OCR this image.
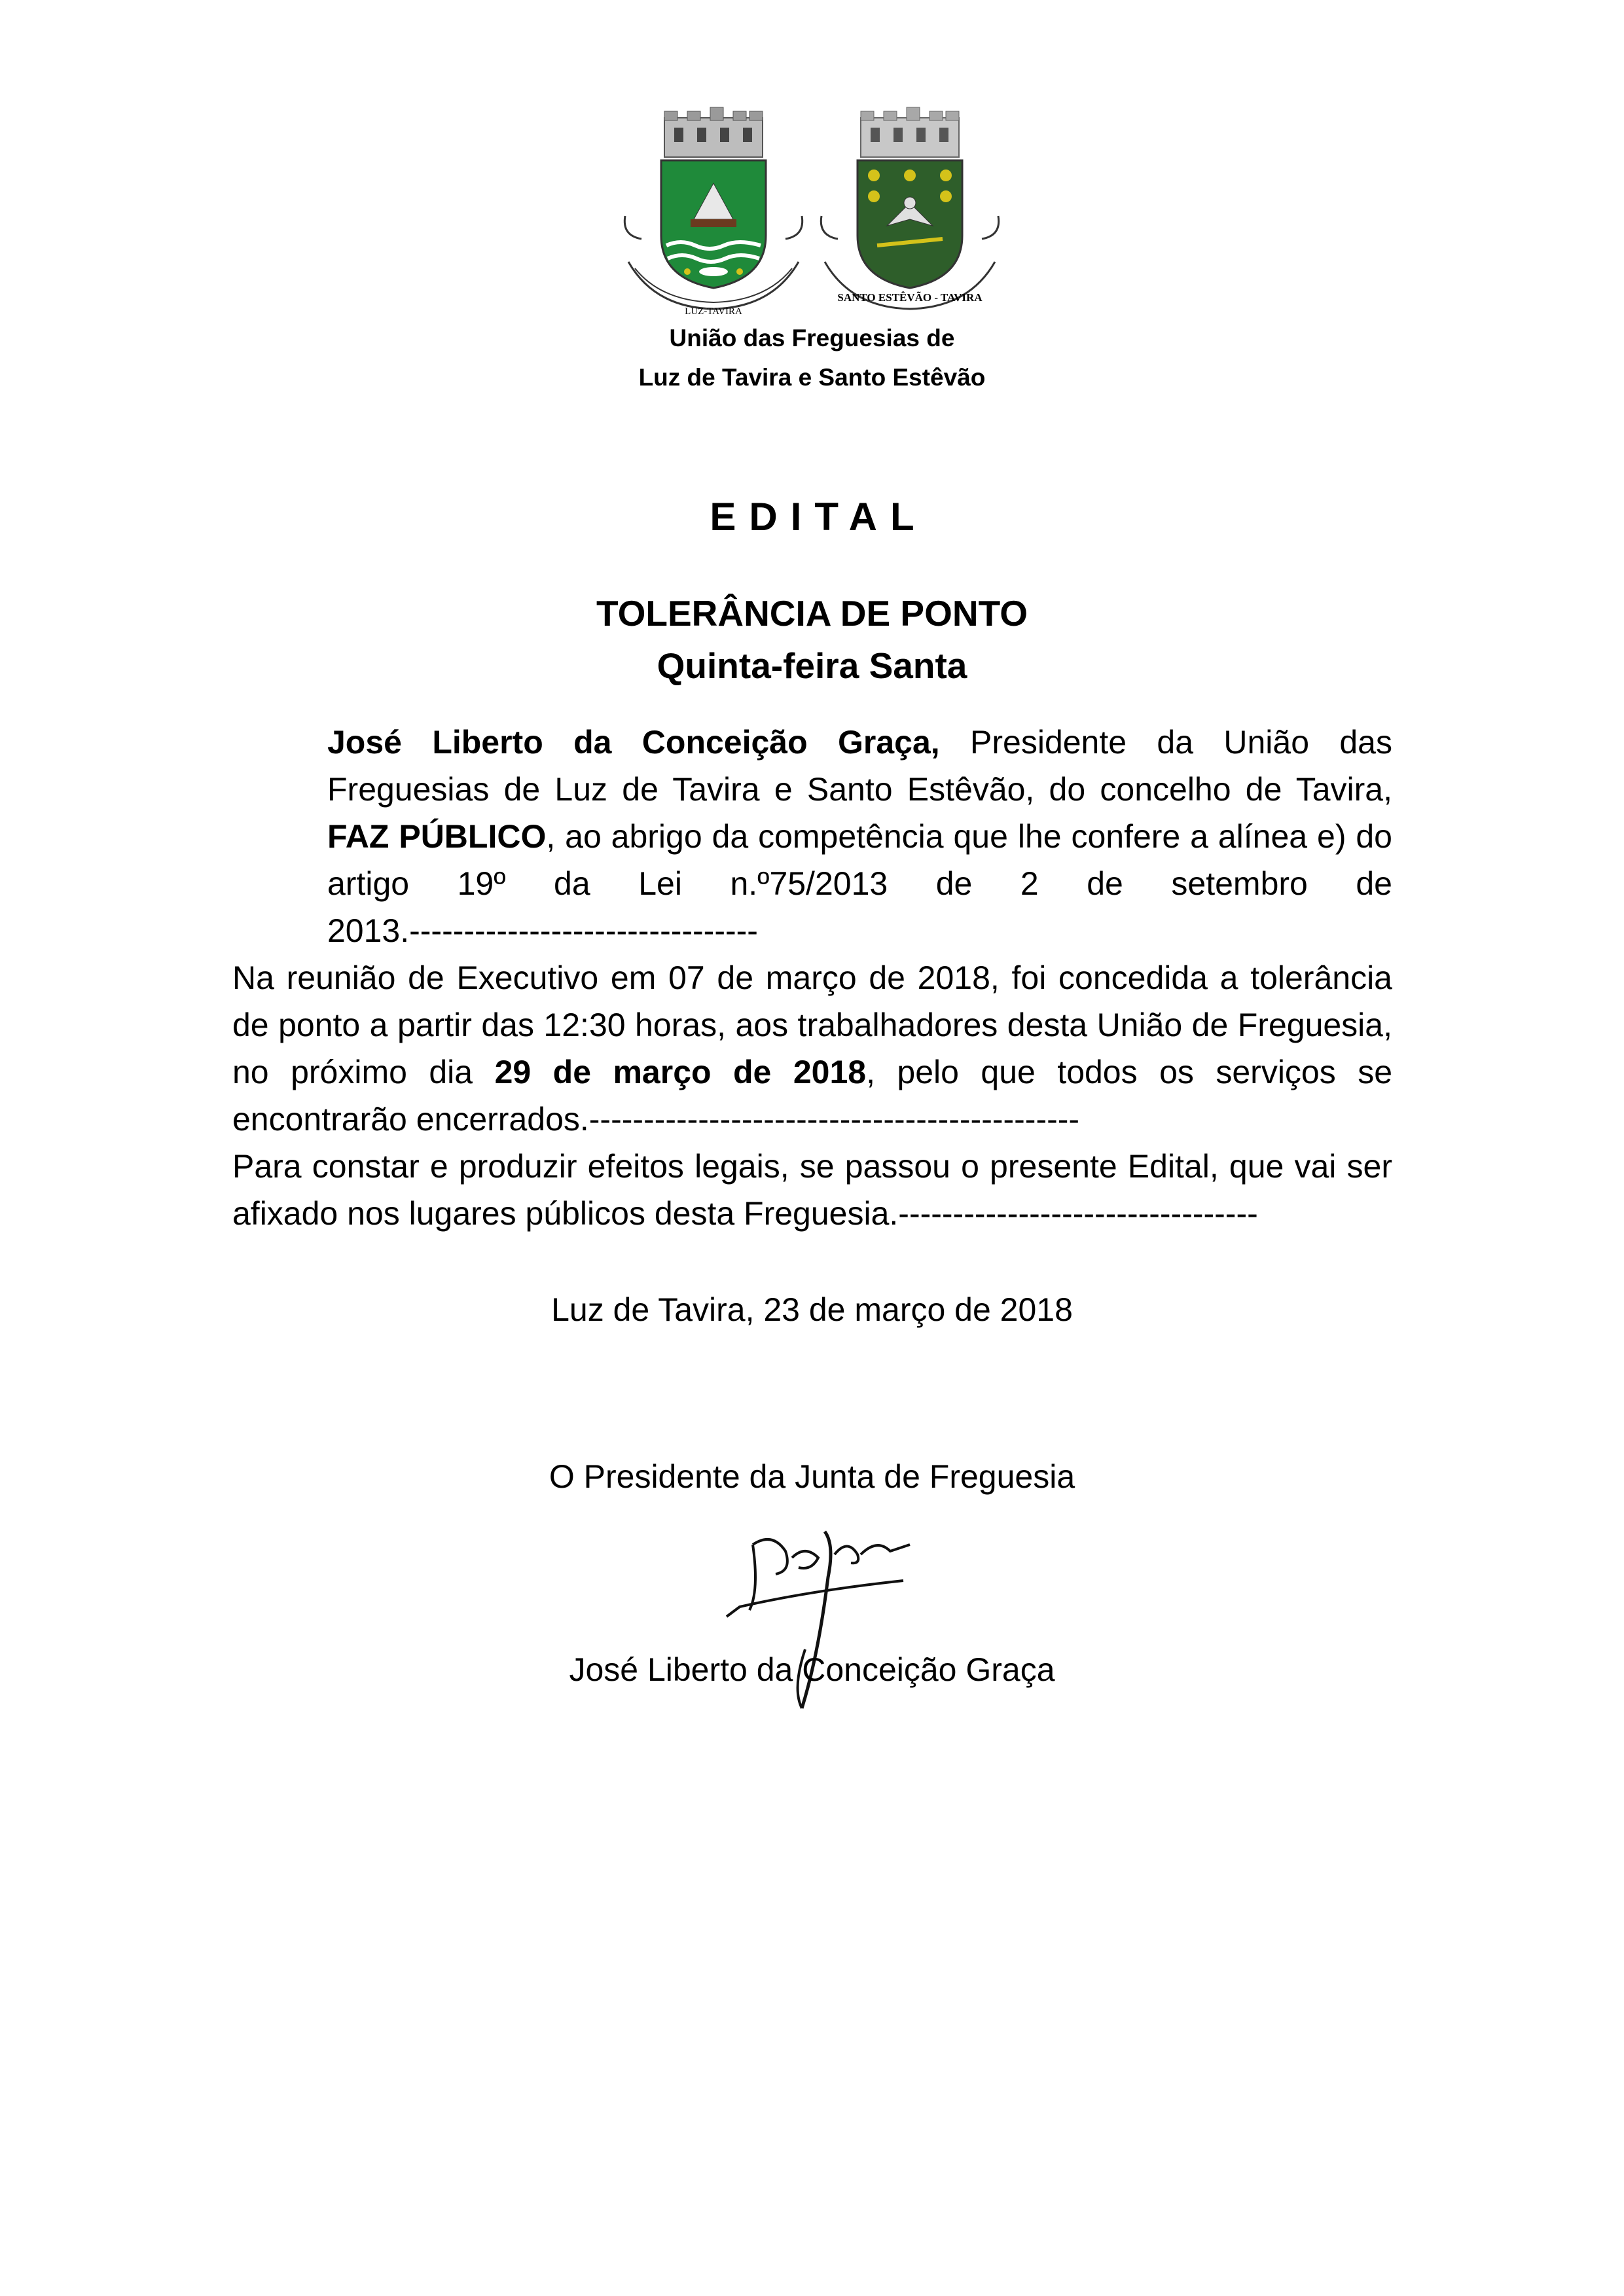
LUZ-TAVIRA
SANTO ESTÊVÃO - TAVIRA
União das Freguesias de
Luz de Tavira e Santo Estêvão
EDITAL
TOLERÂNCIA DE PONTO
Quinta-feira Santa

José Liberto da Conceição Graça, Presidente da União das Freguesias de Luz de Tavira e Santo Estêvão, do concelho de Tavira, FAZ PÚBLICO, ao abrigo da competência que lhe confere a alínea e) do artigo 19º da Lei n.º75/2013 de 2 de setembro de 2013.--------------------------------

Na reunião de Executivo em 07 de março de 2018, foi concedida a tolerância de ponto a partir das 12:30 horas, aos trabalhadores desta União de Freguesia, no próximo dia 29 de março de 2018, pelo que todos os serviços se encontrarão encerrados.---------------------------------------------

Para constar e produzir efeitos legais, se passou o presente Edital, que vai ser afixado nos lugares públicos desta Freguesia.---------------------------------

Luz de Tavira, 23 de março de 2018
O Presidente da Junta de Freguesia
José Liberto da Conceição Graça
